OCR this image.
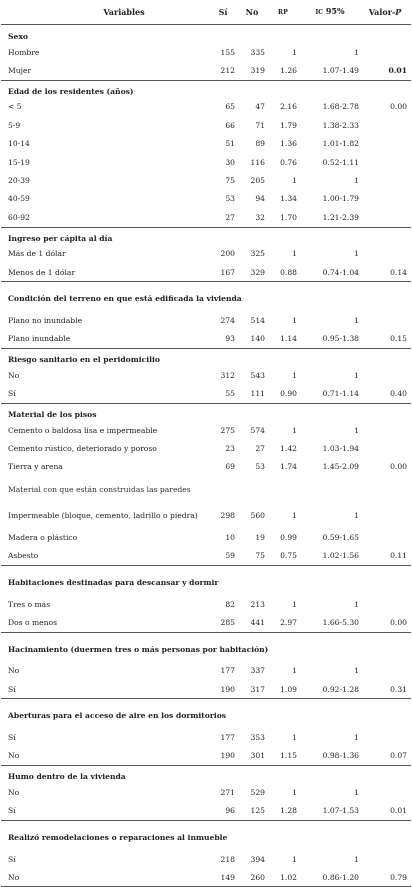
Variables	Sí	No	RP	IC 95%	Valor-P
Sexo
Hombre	155	335	1	1
Mujer	212	319	1.26	1.07-1.49	0.01
Edad de los residentes (años)
< 5	65	47	2.16	1.68-2.78	0.00
5-9	66	71	1.79	1.38-2.33
10-14	51	89	1.36	1.01-1.82
15-19	30	116	0.76	0.52-1.11
20-39	75	205	1	1
40-59	53	94	1.34	1.00-1.79
60-92	27	32	1.70	1.21-2.39
Ingreso per cápita al día
Más de 1 dólar	200	325	1	1
Menos de 1 dólar	167	329	0.88	0.74-1.04	0.14
Condición del terreno en que está edificada la vivienda
Plano no inundable	274	514	1	1
Plano inundable	93	140	1.14	0.95-1.38	0.15
Riesgo sanitario en el peridomicilio
No	312	543	1	1
Sí	55	111	0.90	0.71-1.14	0.40
Material de los pisos
Cemento o baldosa lisa e impermeable	275	574	1	1
Cemento rústico, deteriorado y poroso	23	27	1.42	1.03-1.94
Tierra y arena	69	53	1.74	1.45-2.09	0.00
Material con que están construidas las paredes
Impermeable (bloque, cemento, ladrillo o piedra)	298	560	1	1
Madera o plástico	10	19	0.99	0.59-1.65
Asbesto	59	75	0.75	1.02-1.56	0.11
Habitaciones destinadas para descansar y dormir
Tres o más	82	213	1	1
Dos o menos	285	441	2.97	1.66-5.30	0.00
Hacinamiento (duermen tres o más personas por habitación)
No	177	337	1	1
Sí	190	317	1.09	0.92-1.28	0.31
Aberturas para el acceso de aire en los dormitorios
Sí	177	353	1	1
No	190	301	1.15	0.98-1.36	0.07
Humo dentro de la vivienda
No	271	529	1	1
Sí	96	125	1.28	1.07-1.53	0.01
Realizó remodelaciones o reparaciones al inmueble
Sí	218	394	1	1
No	149	260	1.02	0.86-1.20	0.79
